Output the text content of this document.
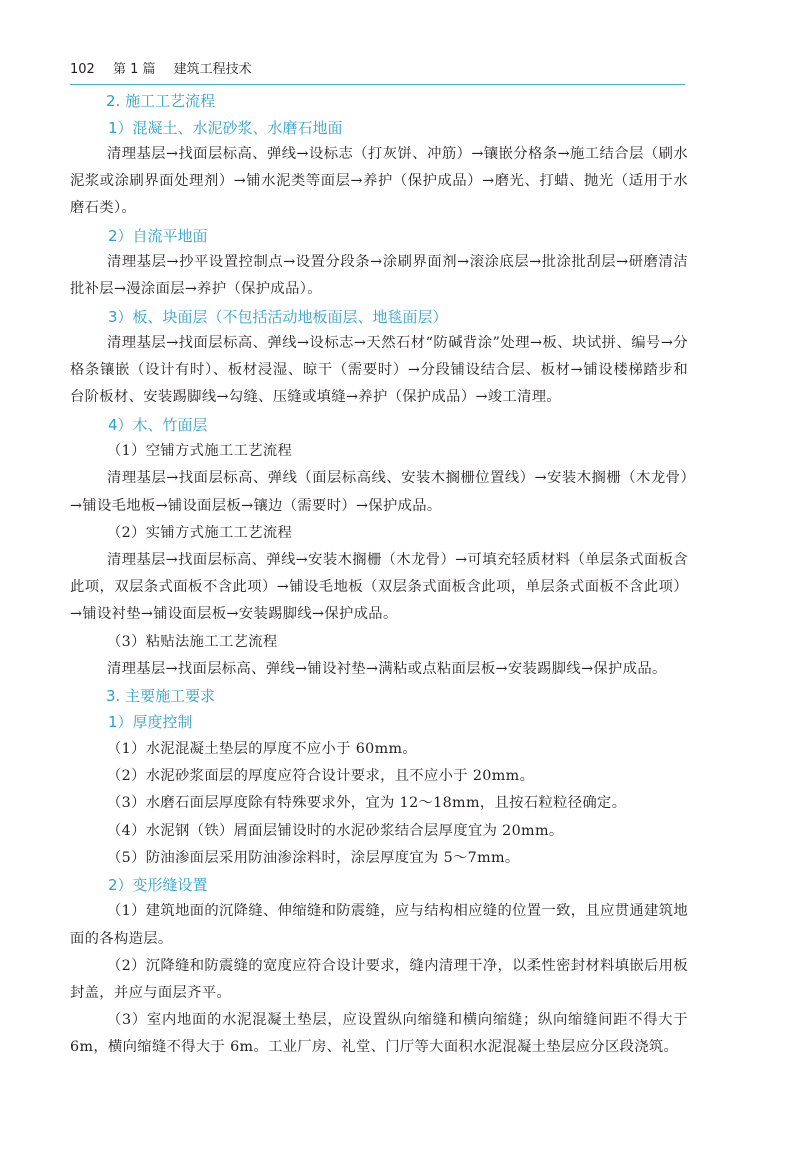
102 第 1 篇 建筑工程技术
2. 施工工艺流程
1）混凝土、水泥砂浆、水磨石地面

清理基层→找面层标高、弹线→设标志（打灰饼、冲筋）→镶嵌分格条→施工结合层（刷水泥浆或涂刷界面处理剂）→铺水泥类等面层→养护（保护成品）→磨光、打蜡、抛光（适用于水磨石类）。

2）自流平地面

清理基层→抄平设置控制点→设置分段条→涂刷界面剂→滚涂底层→批涂批刮层→研磨清洁批补层→漫涂面层→养护（保护成品）。

3）板、块面层（不包括活动地板面层、地毯面层）

清理基层→找面层标高、弹线→设标志→天然石材“防碱背涂”处理→板、块试拼、编号→分格条镶嵌（设计有时）、板材浸湿、晾干（需要时）→分段铺设结合层、板材→铺设楼梯踏步和台阶板材、安装踢脚线→勾缝、压缝或填缝→养护（保护成品）→竣工清理。

4）木、竹面层

（1）空铺方式施工工艺流程

清理基层→找面层标高、弹线（面层标高线、安装木搁栅位置线）→安装木搁栅（木龙骨）→铺设毛地板→铺设面层板→镶边（需要时）→保护成品。

（2）实铺方式施工工艺流程

清理基层→找面层标高、弹线→安装木搁栅（木龙骨）→可填充轻质材料（单层条式面板含此项，双层条式面板不含此项）→铺设毛地板（双层条式面板含此项，单层条式面板不含此项）→铺设衬垫→铺设面层板→安装踢脚线→保护成品。

（3）粘贴法施工工艺流程

清理基层→找面层标高、弹线→铺设衬垫→满粘或点粘面层板→安装踢脚线→保护成品。

3. 主要施工要求
1）厚度控制

（1）水泥混凝土垫层的厚度不应小于 60mm。

（2）水泥砂浆面层的厚度应符合设计要求，且不应小于 20mm。

（3）水磨石面层厚度除有特殊要求外，宜为 12～18mm，且按石粒粒径确定。

（4）水泥钢（铁）屑面层铺设时的水泥砂浆结合层厚度宜为 20mm。

（5）防油渗面层采用防油渗涂料时，涂层厚度宜为 5～7mm。

2）变形缝设置

（1）建筑地面的沉降缝、伸缩缝和防震缝，应与结构相应缝的位置一致，且应贯通建筑地面的各构造层。

（2）沉降缝和防震缝的宽度应符合设计要求，缝内清理干净，以柔性密封材料填嵌后用板封盖，并应与面层齐平。

（3）室内地面的水泥混凝土垫层，应设置纵向缩缝和横向缩缝；纵向缩缝间距不得大于 6m，横向缩缝不得大于 6m。工业厂房、礼堂、门厅等大面积水泥混凝土垫层应分区段浇筑。
